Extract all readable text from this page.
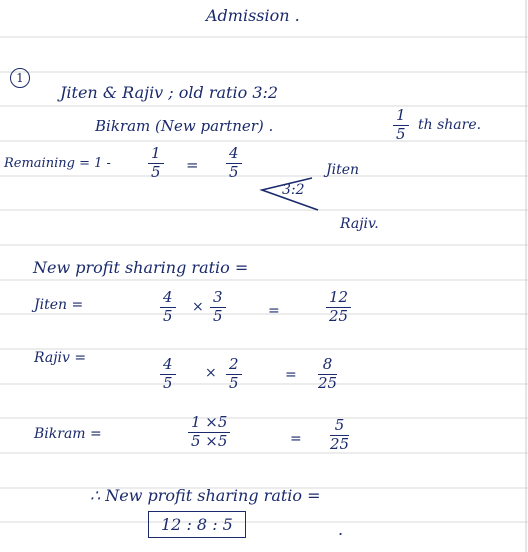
Admission .
1
Jiten & Rajiv ; old ratio 3:2
Bikram (New partner) .	$\frac{1}{5}$ th share.
Remaining = $1 - \frac{1}{5} = \frac{4}{5}$	Jiten
3:2
Rajiv.
New profit sharing ratio =
Jiten =	$\frac{4}{5} \times \frac{3}{5}$	=	$\frac{12}{25}$
Rajiv =	$\frac{4}{5} \times \frac{2}{5}$	= $\frac{8}{25}$
Bikram =	$\frac{1 \times 5}{5 \times 5}$	= $\frac{5}{25}$
∴ New profit sharing ratio =
12 : 8 : 5	.
